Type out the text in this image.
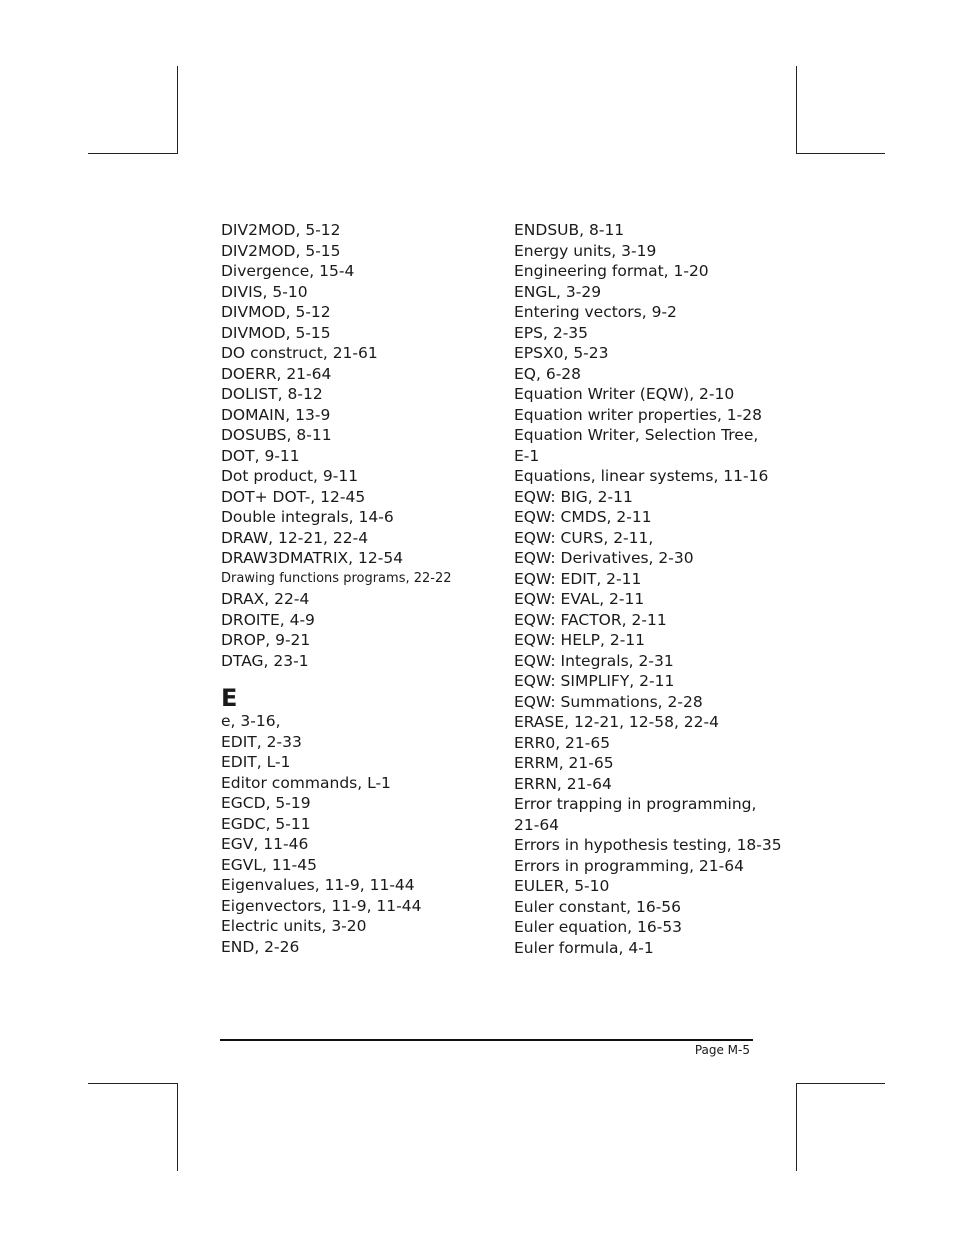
DIV2MOD, 5-12
DIV2MOD, 5-15
Divergence, 15-4
DIVIS, 5-10
DIVMOD, 5-12
DIVMOD, 5-15
DO construct, 21-61
DOERR, 21-64
DOLIST, 8-12
DOMAIN, 13-9
DOSUBS, 8-11
DOT, 9-11
Dot product, 9-11
DOT+ DOT-, 12-45
Double integrals, 14-6
DRAW, 12-21, 22-4
DRAW3DMATRIX, 12-54
Drawing functions programs, 22-22
DRAX, 22-4
DROITE, 4-9
DROP, 9-21
DTAG, 23-1
E
e, 3-16,
EDIT, 2-33
EDIT, L-1
Editor commands, L-1
EGCD, 5-19
EGDC, 5-11
EGV, 11-46
EGVL, 11-45
Eigenvalues, 11-9, 11-44
Eigenvectors, 11-9, 11-44
Electric units, 3-20
END, 2-26
ENDSUB, 8-11
Energy units, 3-19
Engineering format, 1-20
ENGL, 3-29
Entering vectors, 9-2
EPS, 2-35
EPSX0, 5-23
EQ, 6-28
Equation Writer (EQW), 2-10
Equation writer properties, 1-28
Equation Writer, Selection Tree, E-1
Equations, linear systems, 11-16
EQW: BIG, 2-11
EQW: CMDS, 2-11
EQW: CURS, 2-11,
EQW: Derivatives, 2-30
EQW: EDIT, 2-11
EQW: EVAL, 2-11
EQW: FACTOR, 2-11
EQW: HELP, 2-11
EQW: Integrals, 2-31
EQW: SIMPLIFY, 2-11
EQW: Summations, 2-28
ERASE, 12-21, 12-58, 22-4
ERR0, 21-65
ERRM, 21-65
ERRN, 21-64
Error trapping in programming, 21-64
Errors in hypothesis testing, 18-35
Errors in programming, 21-64
EULER, 5-10
Euler constant, 16-56
Euler equation, 16-53
Euler formula, 4-1
Page M-5
